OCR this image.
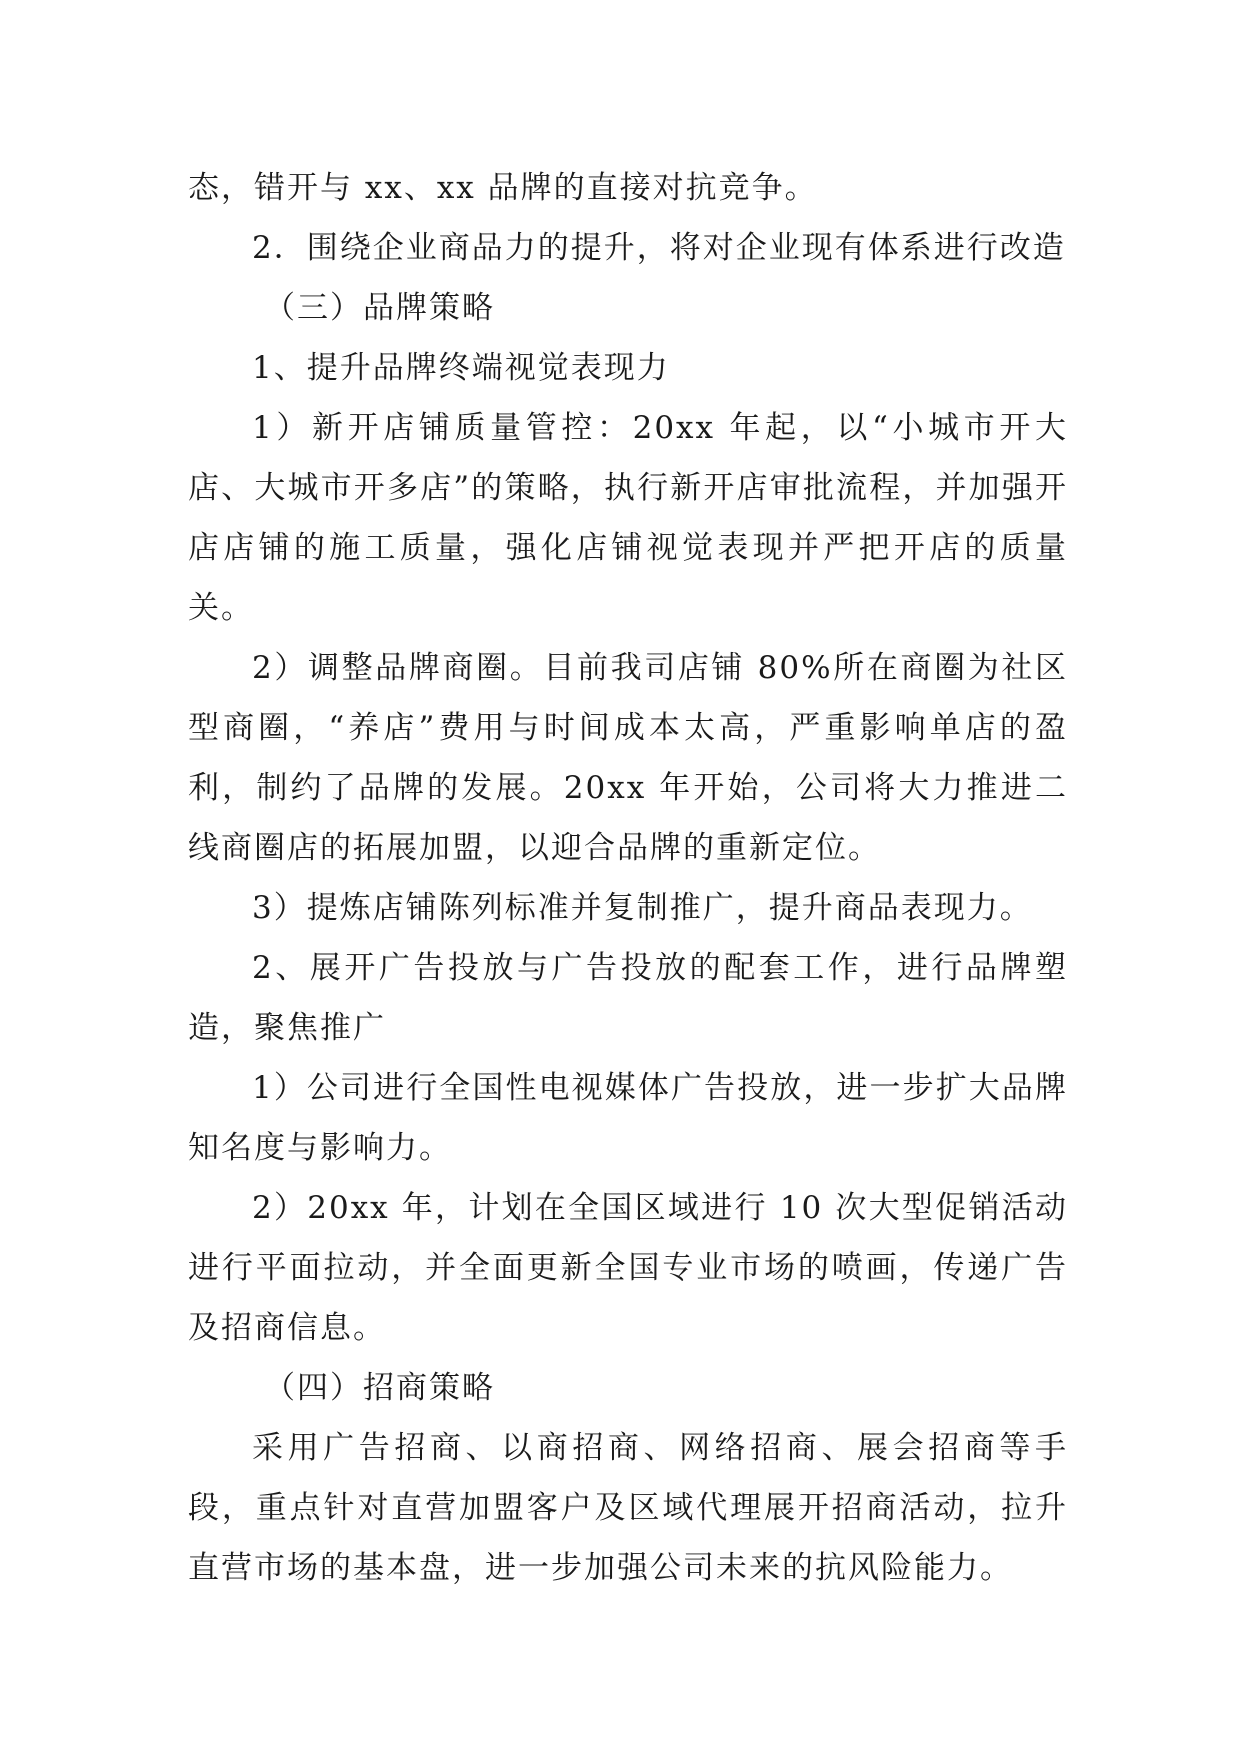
态，错开与 xx、xx 品牌的直接对抗竞争。

2．围绕企业商品力的提升，将对企业现有体系进行改造

（三）品牌策略

1、提升品牌终端视觉表现力

1）新开店铺质量管控：20xx 年起，以“小城市开大店、大城市开多店”的策略，执行新开店审批流程，并加强开店店铺的施工质量，强化店铺视觉表现并严把开店的质量关。

2）调整品牌商圈。目前我司店铺 80%所在商圈为社区型商圈，“养店”费用与时间成本太高，严重影响单店的盈利，制约了品牌的发展。20xx 年开始，公司将大力推进二线商圈店的拓展加盟，以迎合品牌的重新定位。

3）提炼店铺陈列标准并复制推广，提升商品表现力。

2、展开广告投放与广告投放的配套工作，进行品牌塑造，聚焦推广

1）公司进行全国性电视媒体广告投放，进一步扩大品牌知名度与影响力。

2）20xx 年，计划在全国区域进行 10 次大型促销活动进行平面拉动，并全面更新全国专业市场的喷画，传递广告及招商信息。

（四）招商策略

采用广告招商、以商招商、网络招商、展会招商等手段，重点针对直营加盟客户及区域代理展开招商活动，拉升直营市场的基本盘，进一步加强公司未来的抗风险能力。
